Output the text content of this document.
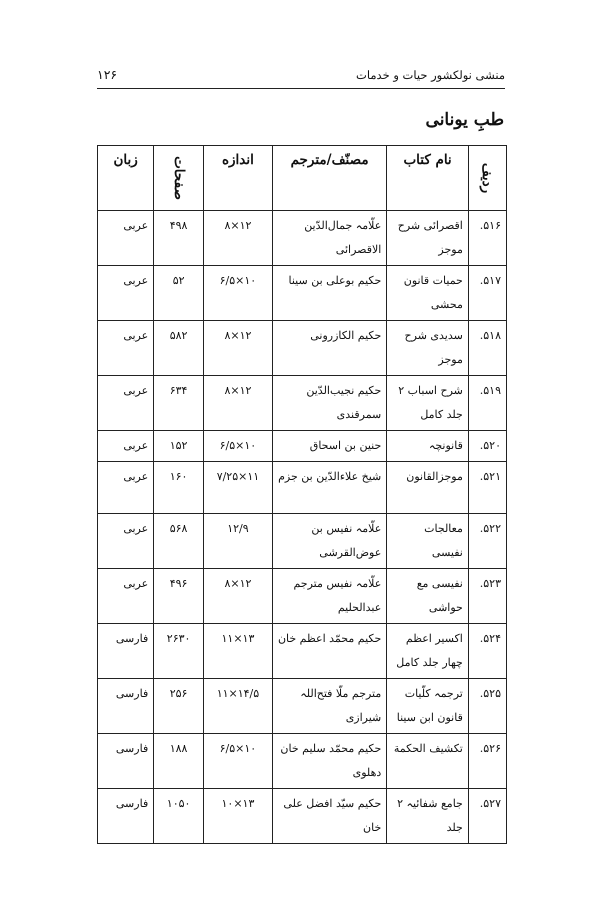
منشی نولکشور حیات و خدمات
۱۲۶
طبِ یونانی
ردیف	نام کتاب	مصنّف/مترجم	اندازه	صفحات	زبان

۵۱۶.	اقصرائی شرح موجز	علّامہ جمال‌الدّین الاقصرائی	۱۲×۸	۴۹۸	عربی

۵۱۷.	حمیات قانون محشی	حکیم بوعلی بن سینا	۱۰×۶/۵	۵۲	عربی

۵۱۸.	سدیدی شرح موجز	حکیم الکازرونی	۱۲×۸	۵۸۲	عربی

۵۱۹.	شرح اسباب ۲ جلد کامل	حکیم نجیب‌الدّین سمرقندی	۱۲×۸	۶۳۴	عربی

۵۲۰.	قانونچہ	حنین بن اسحاق	۱۰×۶/۵	۱۵۲	عربی

۵۲۱.	موجزالقانون	شیخ علاءالدّین بن جزم	۱۱×۷/۲۵	۱۶۰	عربی

۵۲۲.	معالجات نفیسی	علّامہ نفیس بن عوض‌القرشی	۱۲/۹	۵۶۸	عربی

۵۲۳.	نفیسی مع حواشی	علّامہ نفیس مترجم عبدالحلیم	۱۲×۸	۴۹۶	عربی

۵۲۴.	اکسیر اعظم چهار جلد کامل	حکیم محمّد اعظم خان	۱۳×۱۱	۲۶۳۰	فارسی

۵۲۵.	ترجمہ کلّیات قانون ابن سینا	مترجم ملّا فتح‌اللہ شیرازی	۱۴/۵×۱۱	۲۵۶	فارسی

۵۲۶.	تکشیف الحکمة	حکیم محمّد سلیم خان دهلوی	۱۰×۶/۵	۱۸۸	فارسی

۵۲۷.	جامع شفائیہ ۲ جلد	حکیم سیّد افضل علی خان	۱۳×۱۰	۱۰۵۰	فارسی
